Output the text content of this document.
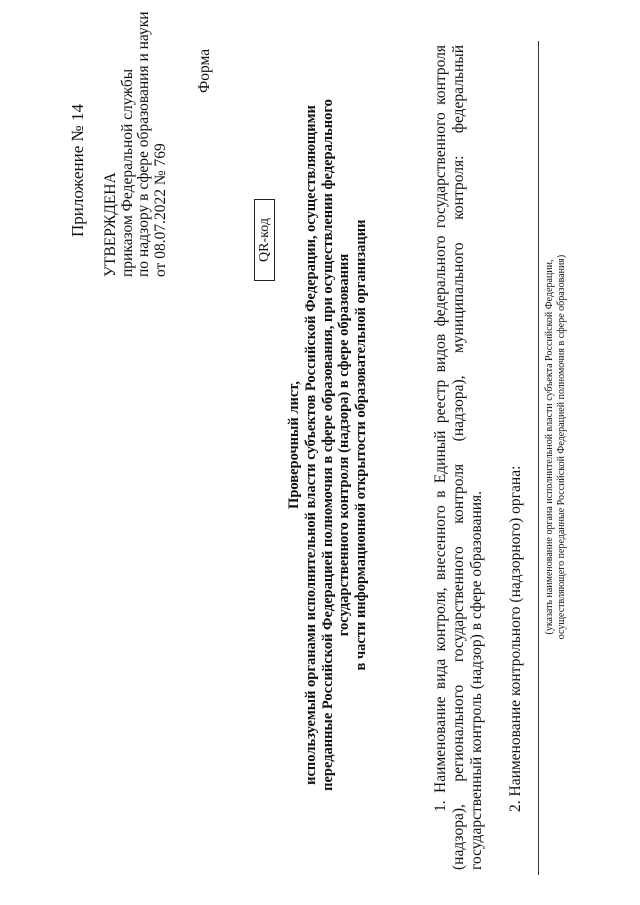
Приложение № 14 УТВЕРЖДЕНА приказом Федеральной службы по надзору в сфере образования и науки от 08.07.2022 № 769
Форма
QR-код
Проверочный лист, используемый органами исполнительной власти субъектов Российской Федерации, осуществляющими переданные Российской Федерацией полномочия в сфере образования, при осуществлении федерального государственного контроля (надзора) в сфере образования в части информационной открытости образовательной организации	1. Наименование вида контроля, внесенного в Единый реестр видов федерального государственного контроля (надзора), регионального государственного контроля (надзора), муниципального контроля: федеральный государственный контроль (надзор) в сфере образования. 2. Наименование контрольного (надзорного) органа:
(указать наименование органа исполнительной власти субъекта Российской Федерации, осуществляющего переданные Российской Федерацией полномочия в сфере образования)
